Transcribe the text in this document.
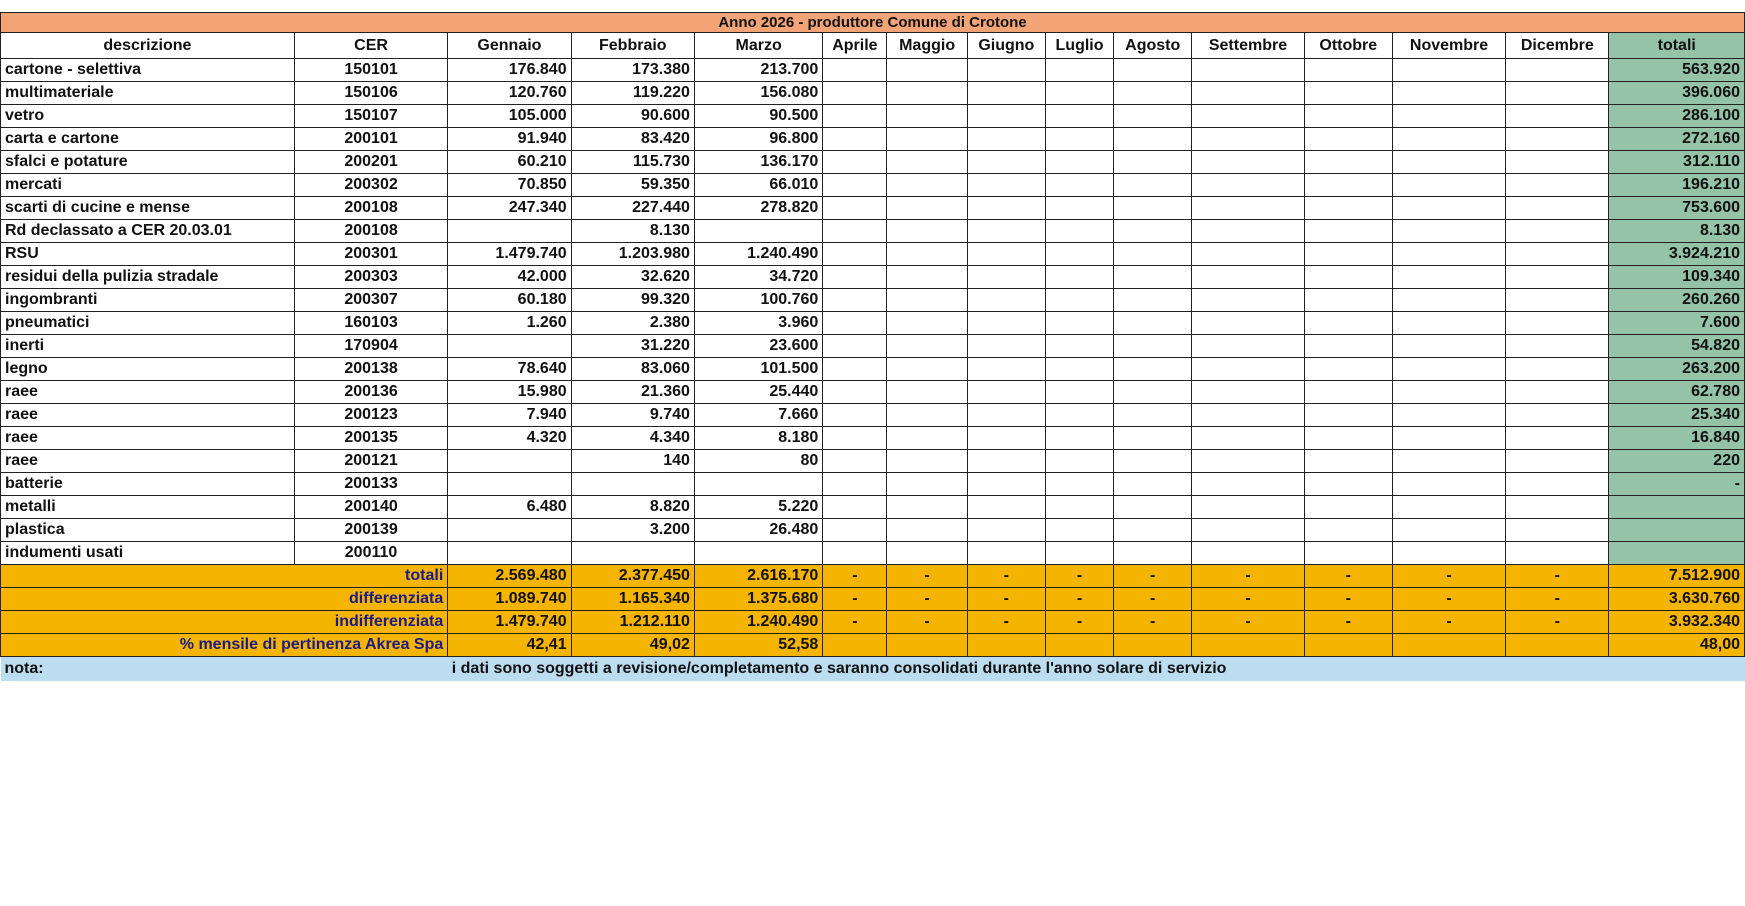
Anno 2026 - produttore Comune di Crotone														
descrizione	CER	Gennaio	Febbraio	Marzo	Aprile	Maggio	Giugno	Luglio	Agosto	Settembre	Ottobre	Novembre	Dicembre	totali
cartone - selettiva	150101	176.840	173.380	213.700										563.920
multimateriale	150106	120.760	119.220	156.080										396.060
vetro	150107	105.000	90.600	90.500										286.100
carta e cartone	200101	91.940	83.420	96.800										272.160
sfalci e potature	200201	60.210	115.730	136.170										312.110
mercati	200302	70.850	59.350	66.010										196.210
scarti di cucine e mense	200108	247.340	227.440	278.820										753.600
Rd declassato a CER 20.03.01	200108		8.130											8.130
RSU	200301	1.479.740	1.203.980	1.240.490										3.924.210
residui della pulizia stradale	200303	42.000	32.620	34.720										109.340
ingombranti	200307	60.180	99.320	100.760										260.260
pneumatici	160103	1.260	2.380	3.960										7.600
inerti	170904		31.220	23.600										54.820
legno	200138	78.640	83.060	101.500										263.200
raee	200136	15.980	21.360	25.440										62.780
raee	200123	7.940	9.740	7.660										25.340
raee	200135	4.320	4.340	8.180										16.840
raee	200121		140	80										220
batterie	200133													-
metalli	200140	6.480	8.820	5.220										
plastica	200139		3.200	26.480										
indumenti usati	200110													
totali		2.569.480	2.377.450	2.616.170	-	-	-	-	-	-	-	-	-	7.512.900
differenziata		1.089.740	1.165.340	1.375.680	-	-	-	-	-	-	-	-	-	3.630.760
indifferenziata		1.479.740	1.212.110	1.240.490	-	-	-	-	-	-	-	-	-	3.932.340
% mensile di pertinenza Akrea Spa		42,41	49,02	52,58										48,00
nota:		i dati sono soggetti a revisione/completamento e saranno consolidati durante l'anno solare di servizio												
